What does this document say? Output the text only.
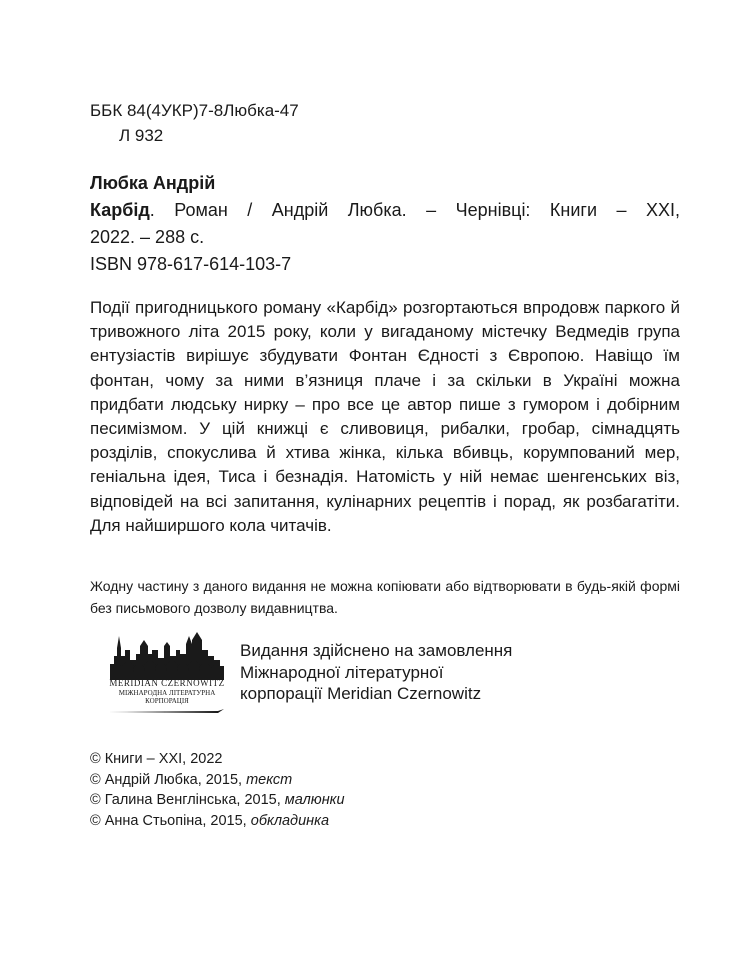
ББК 84(4УКР)7-8Любка-47
Л 932
Любка Андрій
Карбід. Роман / Андрій Любка. – Чернівці: Книги – XXI,
2022. – 288 с.
ISBN 978-617-614-103-7
Події пригодницького роману «Карбід» розгортаються впродовж паркого й тривожного літа 2015 року, коли у вигаданому містечку Ведмедів група ентузіастів вирішує збудувати Фонтан Єдності з Європою. Навіщо їм фонтан, чому за ними в’язниця плаче і за скільки в Україні можна придбати людську нирку – про все це автор пише з гумором і добірним песимізмом. У цій книжці є сливовиця, рибалки, гробар, сімнадцять розділів, спокуслива й хтива жінка, кілька вбивць, корумпований мер, геніальна ідея, Тиса і безнадія. Натомість у ній немає шенгенських віз, відповідей на всі запитання, кулінарних рецептів і порад, як розбагатіти. Для найширшого кола читачів.
Жодну частину з даного видання не можна копіювати або відтворювати в будь-якій формі без письмового дозволу видавництва.
MERIDIAN CZERNOWITZ
МІЖНАРОДНА ЛІТЕРАТУРНА
КОРПОРАЦІЯ
Видання здійснено на замовлення
Міжнародної літературної
корпорації Meridian Czernowitz
© Книги – XXI, 2022
© Андрій Любка, 2015, текст
© Галина Венглінська, 2015, малюнки
© Анна Стьопіна, 2015, обкладинка
